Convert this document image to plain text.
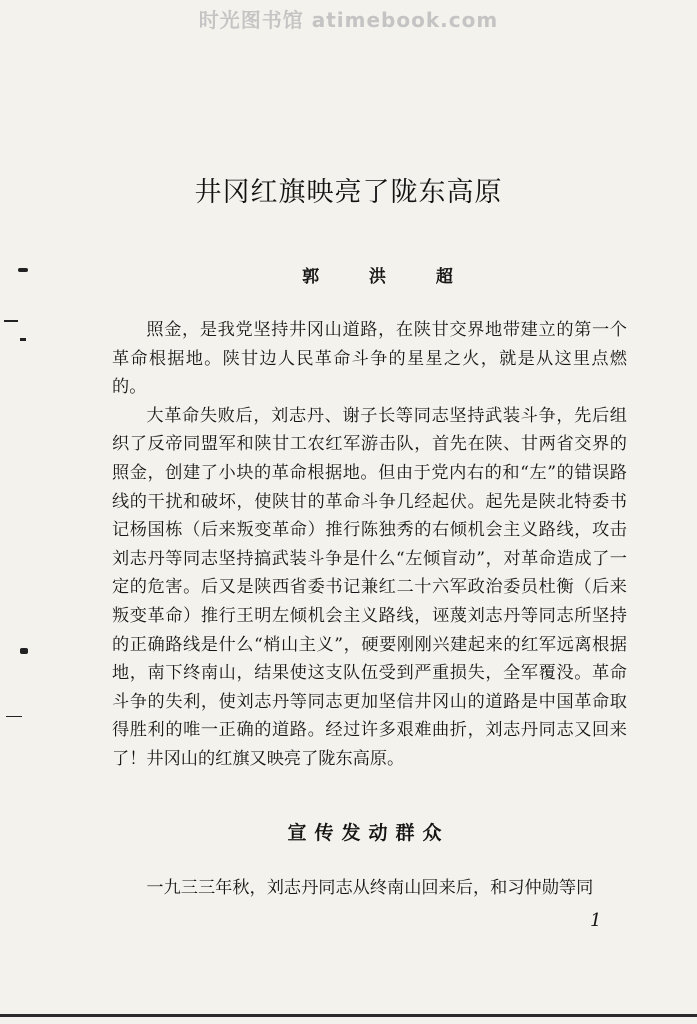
时光图书馆 atimebook.com
井冈红旗映亮了陇东高原
郭 洪 超

照金，是我党坚持井冈山道路，在陕甘交界地带建立的第一个革命根据地。陕甘边人民革命斗争的星星之火，就是从这里点燃的。

大革命失败后，刘志丹、谢子长等同志坚持武装斗争，先后组织了反帝同盟军和陕甘工农红军游击队，首先在陕、甘两省交界的照金，创建了小块的革命根据地。但由于党内右的和“左”的错误路线的干扰和破坏，使陕甘的革命斗争几经起伏。起先是陕北特委书记杨国栋（后来叛变革命）推行陈独秀的右倾机会主义路线，攻击刘志丹等同志坚持搞武装斗争是什么“左倾盲动”，对革命造成了一定的危害。后又是陕西省委书记兼红二十六军政治委员杜衡（后来叛变革命）推行王明左倾机会主义路线，诬蔑刘志丹等同志所坚持的正确路线是什么“梢山主义”，硬要刚刚兴建起来的红军远离根据地，南下终南山，结果使这支队伍受到严重损失，全军覆没。革命斗争的失利，使刘志丹等同志更加坚信井冈山的道路是中国革命取得胜利的唯一正确的道路。经过许多艰难曲折，刘志丹同志又回来了！井冈山的红旗又映亮了陇东高原。

宣传发动群众

一九三三年秋，刘志丹同志从终南山回来后，和习仲勋等同

1
